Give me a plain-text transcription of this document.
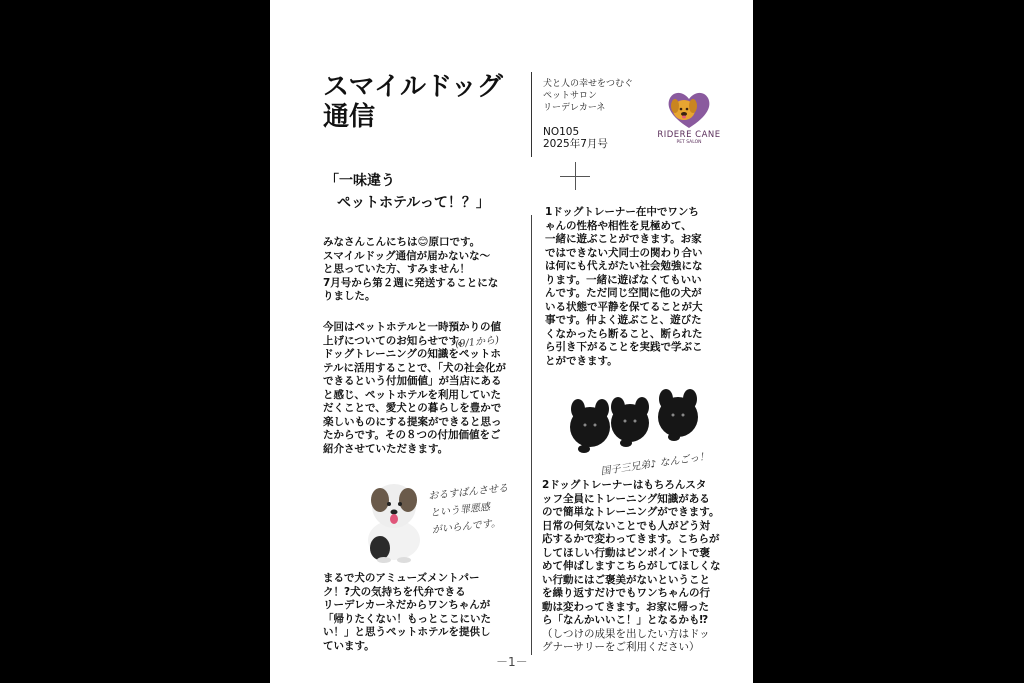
スマイルドッグ
通信
犬と人の幸せをつむぐ
ペットサロン
リーデレカーネ
NO105
2025年7月号
RIDERE CANE
PET SALON
「一味違う
ペットホテルって！？」
みなさんこんにちは😊原口です。
スマイルドッグ通信が届かないな～
と思っていた方、すみません！
7月号から第２週に発送することにな
りました。
今回はペットホテルと一時預かりの値
上げについてのお知らせです。
ドッグトレーニングの知識をペットホ
テルに活用することで、「犬の社会化が
できるという付加価値」が当店にある
と感じ、ペットホテルを利用していた
だくことで、愛犬との暮らしを豊かで
楽しいものにする提案ができると思っ
たからです。その８つの付加価値をご
紹介させていただきます。
(9/1から)
おるすばんさせる
という罪悪感
がいらんです。
まるで犬のアミューズメントパー
ク！?犬の気持ちを代弁できる
リーデレカーネだからワンちゃんが
「帰りたくない！もっとここにいた
い！」と思うペットホテルを提供し
ています。
1ドッグトレーナー在中でワンち
ゃんの性格や相性を見極めて、
一緒に遊ぶことができます。お家
ではできない犬同士の関わり合い
は何にも代えがたい社会勉強にな
ります。一緒に遊ばなくてもいい
んです。ただ同じ空間に他の犬が
いる状態で平静を保てることが大
事です。仲よく遊ぶこと、遊びた
くなかったら断ること、断られた
ら引き下がることを実践で学ぶこ
とができます。
国子三兄弟♪ なんごっ！
2ドッグトレーナーはもちろんスタ
ッフ全員にトレーニング知識がある
ので簡単なトレーニングができます。
日常の何気ないことでも人がどう対
応するかで変わってきます。こちらが
してほしい行動はピンポイントで褒
めて伸ばしますこちらがしてほしくな
い行動にはご褒美がないということ
を繰り返すだけでもワンちゃんの行
動は変わってきます。お家に帰った
ら「なんかいいこ！」となるかも⁉
（しつけの成果を出したい方はドッ
グナーサリーをご利用ください）
－1－
